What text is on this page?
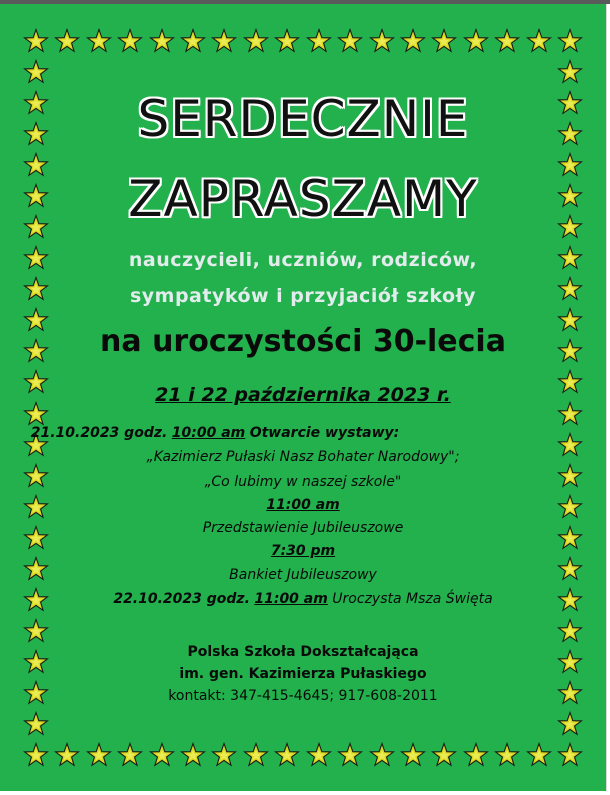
SERDECZNIE
ZAPRASZAMY
nauczycieli, uczniów, rodziców,
sympatyków i przyjaciół szkoły
na uroczystości 30-lecia
21 i 22 października 2023 r.
21.10.2023 godz. 10:00 am Otwarcie wystawy:
„Kazimierz Pułaski Nasz Bohater Narodowy";
„Co lubimy w naszej szkole"
11:00 am
Przedstawienie Jubileuszowe
7:30 pm
Bankiet Jubileuszowy
22.10.2023 godz. 11:00 am Uroczysta Msza Święta
Polska Szkoła Dokształcająca
im. gen. Kazimierza Pułaskiego
kontakt: 347-415-4645; 917-608-2011
